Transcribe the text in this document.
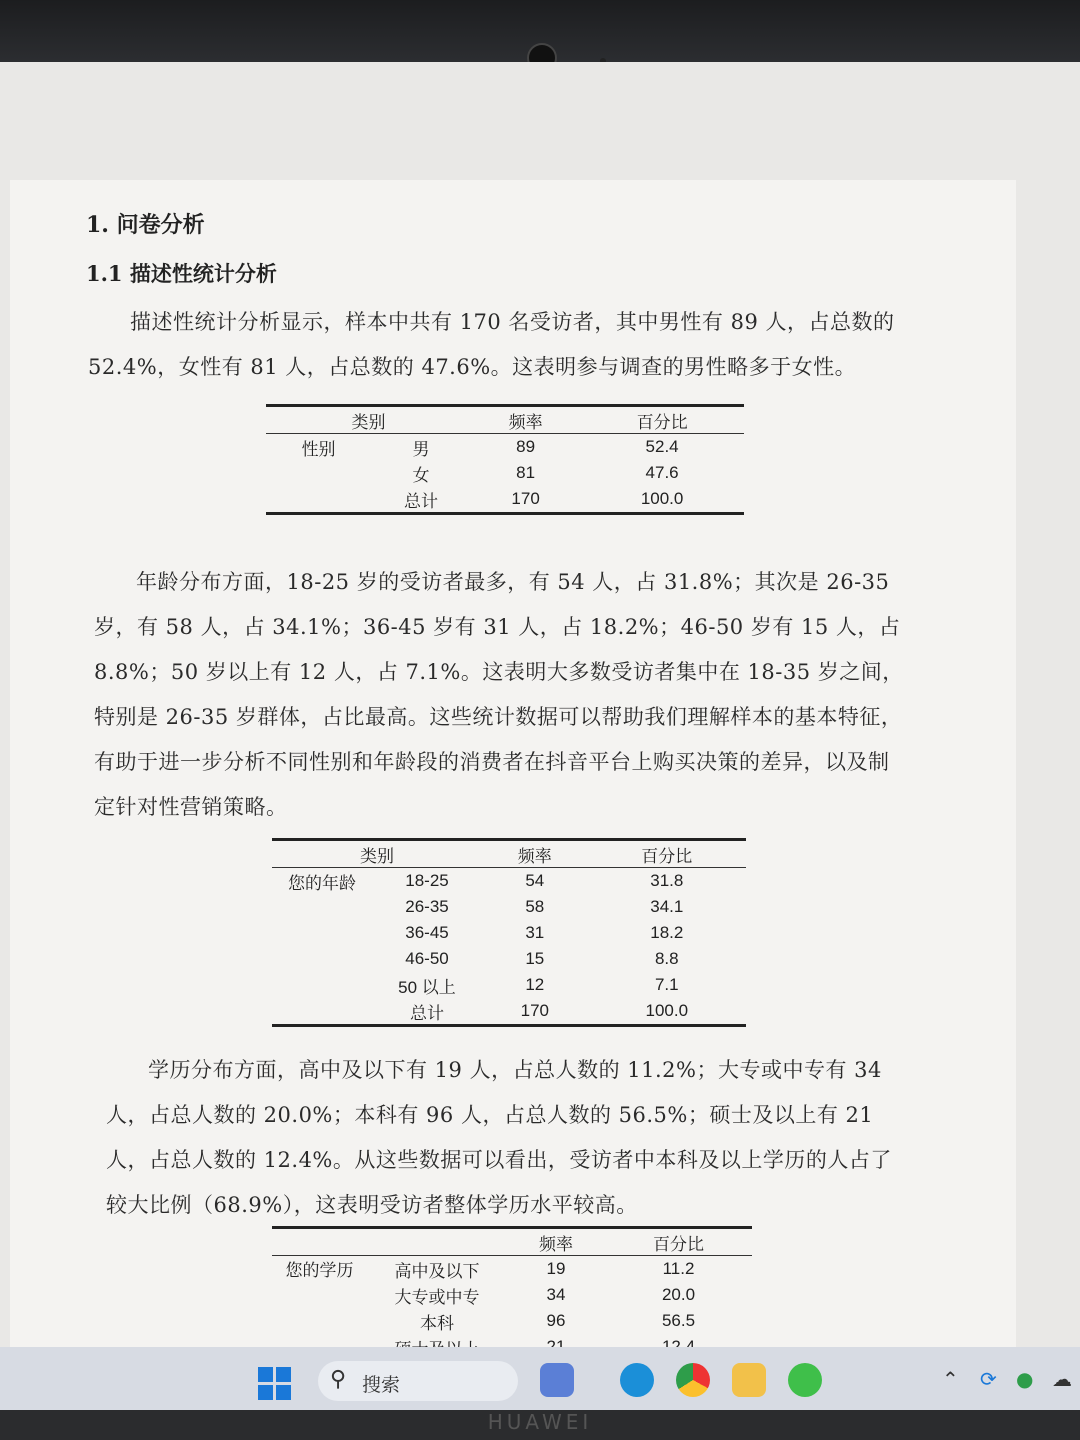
1. 问卷分析
1.1 描述性统计分析
描述性统计分析显示，样本中共有 170 名受访者，其中男性有 89 人，占总数的 52.4%，女性有 81 人，占总数的 47.6%。这表明参与调查的男性略多于女性。
类别		频率	百分比
性别	男	89	52.4
	女	81	47.6
	总计	170	100.0
年龄分布方面，18-25 岁的受访者最多，有 54 人，占 31.8%；其次是 26-35 岁，有 58 人，占 34.1%；36-45 岁有 31 人，占 18.2%；46-50 岁有 15 人，占 8.8%；50 岁以上有 12 人，占 7.1%。这表明大多数受访者集中在 18-35 岁之间，特别是 26-35 岁群体，占比最高。这些统计数据可以帮助我们理解样本的基本特征，有助于进一步分析不同性别和年龄段的消费者在抖音平台上购买决策的差异，以及制定针对性营销策略。
类别		频率	百分比
您的年龄	18-25	54	31.8
	26-35	58	34.1
	36-45	31	18.2
	46-50	15	8.8
	50 以上	12	7.1
	总计	170	100.0
学历分布方面，高中及以下有 19 人，占总人数的 11.2%；大专或中专有 34 人，占总人数的 20.0%；本科有 96 人，占总人数的 56.5%；硕士及以上有 21 人，占总人数的 12.4%。从这些数据可以看出，受访者中本科及以上学历的人占了较大比例（68.9%），这表明受访者整体学历水平较高。
		频率	百分比
您的学历	高中及以下	19	11.2
	大专或中专	34	20.0
	本科	96	56.5

⚲ 搜索	⌃ ⟳ ● ☁
HUAWEI
